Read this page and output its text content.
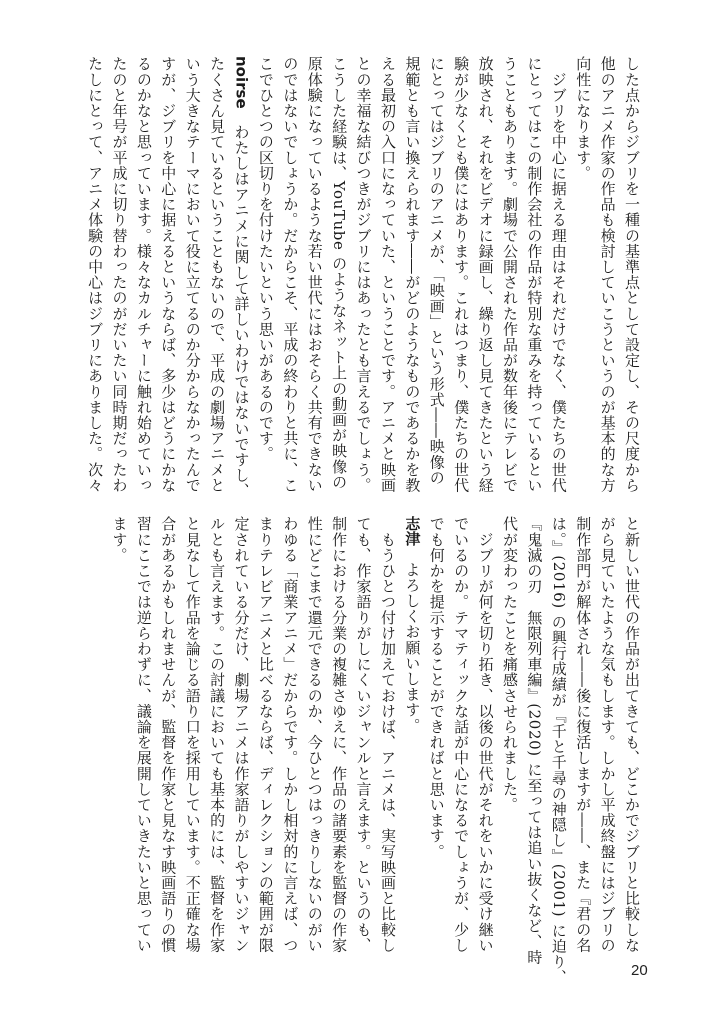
した点からジブリを一種の基準点として設定し、その尺度から
他のアニメ作家の作品も検討していこうというのが基本的な方
向性になります。
　ジブリを中心に据える理由はそれだけでなく、僕たちの世代
にとってはこの制作会社の作品が特別な重みを持っているとい
うこともあります。劇場で公開された作品が数年後にテレビで
放映され、それをビデオに録画し、繰り返し見てきたという経
験が少なくとも僕にはあります。これはつまり、僕たちの世代
にとってはジブリのアニメが、「映画」という形式――映像の
規範とも言い換えられます――がどのようなものであるかを教
える最初の入口になっていた、ということです。アニメと映画
との幸福な結びつきがジブリにはあったとも言えるでしょう。
こうした経験は、YouTube のようなネット上の動画が映像の
原体験になっているような若い世代にはおそらく共有できない
のではないでしょうか。だからこそ、平成の終わりと共に、こ
こでひとつの区切りを付けたいという思いがあるのです。
noirse　わたしはアニメに関して詳しいわけではないですし、
たくさん見ているということもないので、平成の劇場アニメと
いう大きなテーマにおいて役に立てるのか分からなかったんで
すが、ジブリを中心に据えるというならば、多少はどうにかな
るのかなと思っています。様々なカルチャーに触れ始めていっ
たのと年号が平成に切り替わったのがだいたい同時期だったわ
たしにとって、アニメ体験の中心はジブリにありました。次々
と新しい世代の作品が出てきても、どこかでジブリと比較しな
がら見ていたような気もします。しかし平成終盤にはジブリの
制作部門が解体され――後に復活しますが――、また『君の名
は。』(2016) の興行成績が『千と千尋の神隠し』(2001) に迫り、
『鬼滅の刃　無限列車編』(2020) に至っては追い抜くなど、時
代が変わったことを痛感させられました。
　ジブリが何を切り拓き、以後の世代がそれをいかに受け継い
でいるのか。テマティックな話が中心になるでしょうが、少し
でも何かを提示することができればと思います。
志津　よろしくお願いします。
　もうひとつ付け加えておけば、アニメは、実写映画と比較し
ても、作家語りがしにくいジャンルと言えます。というのも、
制作における分業の複雑さゆえに、作品の諸要素を監督の作家
性にどこまで還元できるのか、今ひとつはっきりしないのがい
わゆる「商業アニメ」だからです。しかし相対的に言えば、つ
まりテレビアニメと比べるならば、ディレクションの範囲が限
定されている分だけ、劇場アニメは作家語りがしやすいジャン
ルとも言えます。この討議においても基本的には、監督を作家
と見なして作品を論じる語り口を採用しています。不正確な場
合があるかもしれませんが、監督を作家と見なす映画語りの慣
習にここでは逆らわずに、議論を展開していきたいと思ってい
ます。
20
